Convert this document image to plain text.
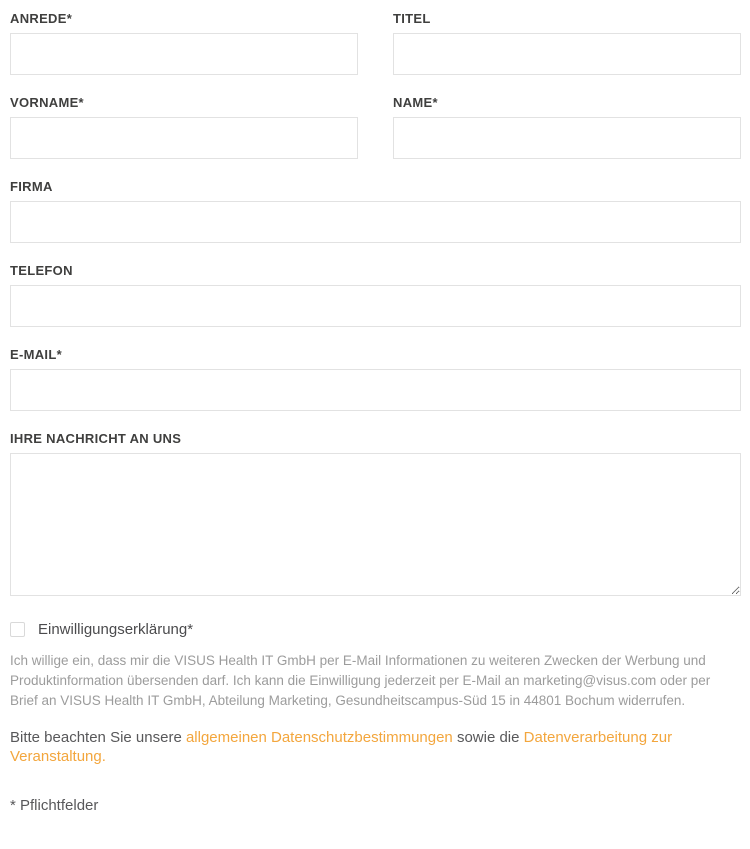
ANREDE*	TITEL
VORNAME*	NAME*
FIRMA
TELEFON
E-MAIL*
IHRE NACHRICHT AN UNS
Einwilligungserklärung*

Ich willige ein, dass mir die VISUS Health IT GmbH per E-Mail Informationen zu weiteren Zwecken der Werbung und Produktinformation übersenden darf. Ich kann die Einwilligung jederzeit per E-Mail an marketing@visus.com oder per Brief an VISUS Health IT GmbH, Abteilung Marketing, Gesundheitscampus-Süd 15 in 44801 Bochum widerrufen.

Bitte beachten Sie unsere allgemeinen Datenschutzbestimmungen sowie die Datenverarbeitung zur Veranstaltung.

* Pflichtfelder
